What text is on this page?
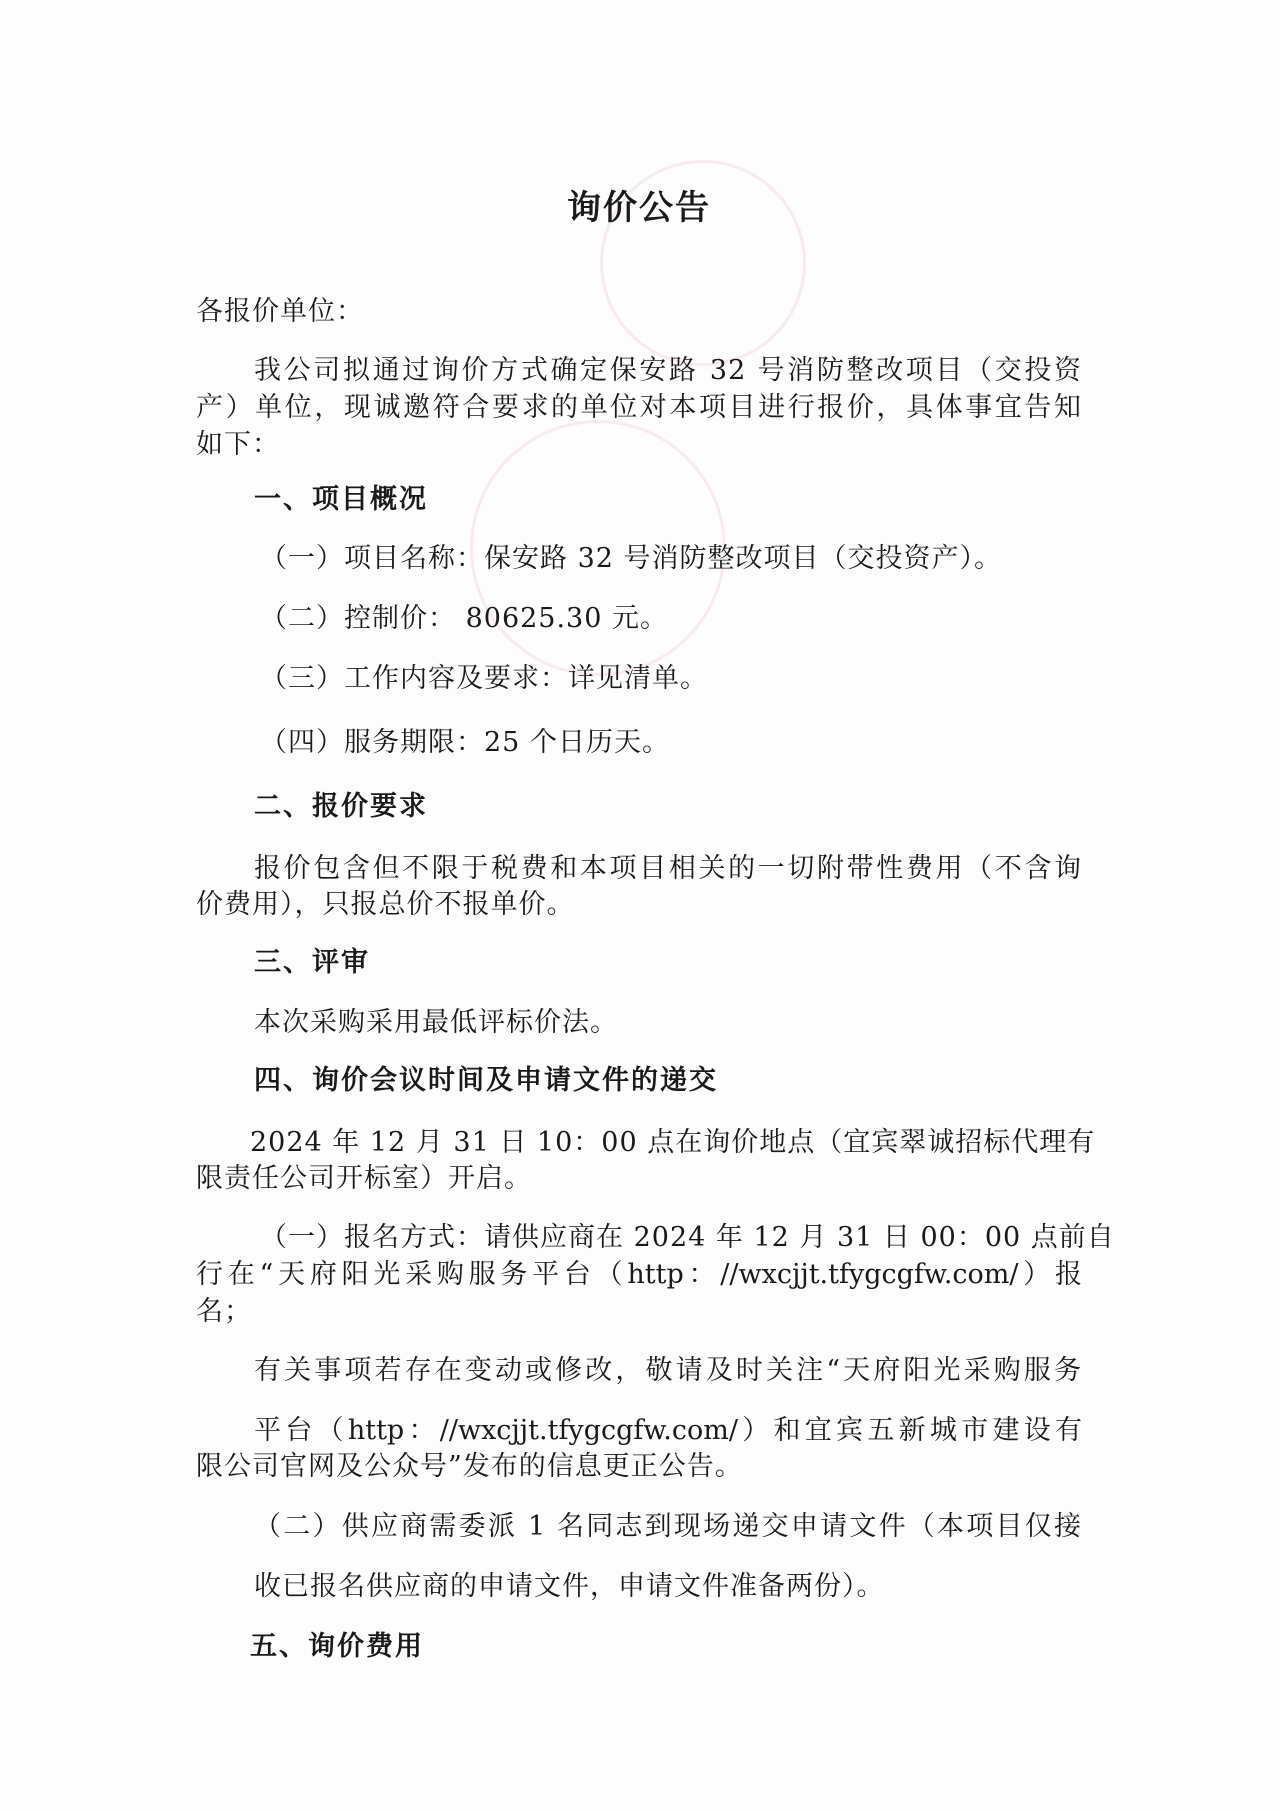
询价公告
各报价单位：
我公司拟通过询价方式确定保安路 32 号消防整改项目（交投资
产）单位，现诚邀符合要求的单位对本项目进行报价，具体事宜告知
如下：
一、项目概况
（一）项目名称：保安路 32 号消防整改项目（交投资产）。
（二）控制价： 80625.30 元。
（三）工作内容及要求：详见清单。
（四）服务期限：25 个日历天。
二、报价要求
报价包含但不限于税费和本项目相关的一切附带性费用（不含询
价费用），只报总价不报单价。
三、评审
本次采购采用最低评标价法。
四、询价会议时间及申请文件的递交
2024 年 12 月 31 日 10：00 点在询价地点（宜宾翠诚招标代理有
限责任公司开标室）开启。
（一）报名方式：请供应商在 2024 年 12 月 31 日 00：00 点前自
行在“天府阳光采购服务平台（http：//wxcjjt.tfygcgfw.com/）报
名；
有关事项若存在变动或修改，敬请及时关注“天府阳光采购服务
平台（http：//wxcjjt.tfygcgfw.com/）和宜宾五新城市建设有
限公司官网及公众号”发布的信息更正公告。
（二）供应商需委派 1 名同志到现场递交申请文件（本项目仅接
收已报名供应商的申请文件，申请文件准备两份）。
五、询价费用
